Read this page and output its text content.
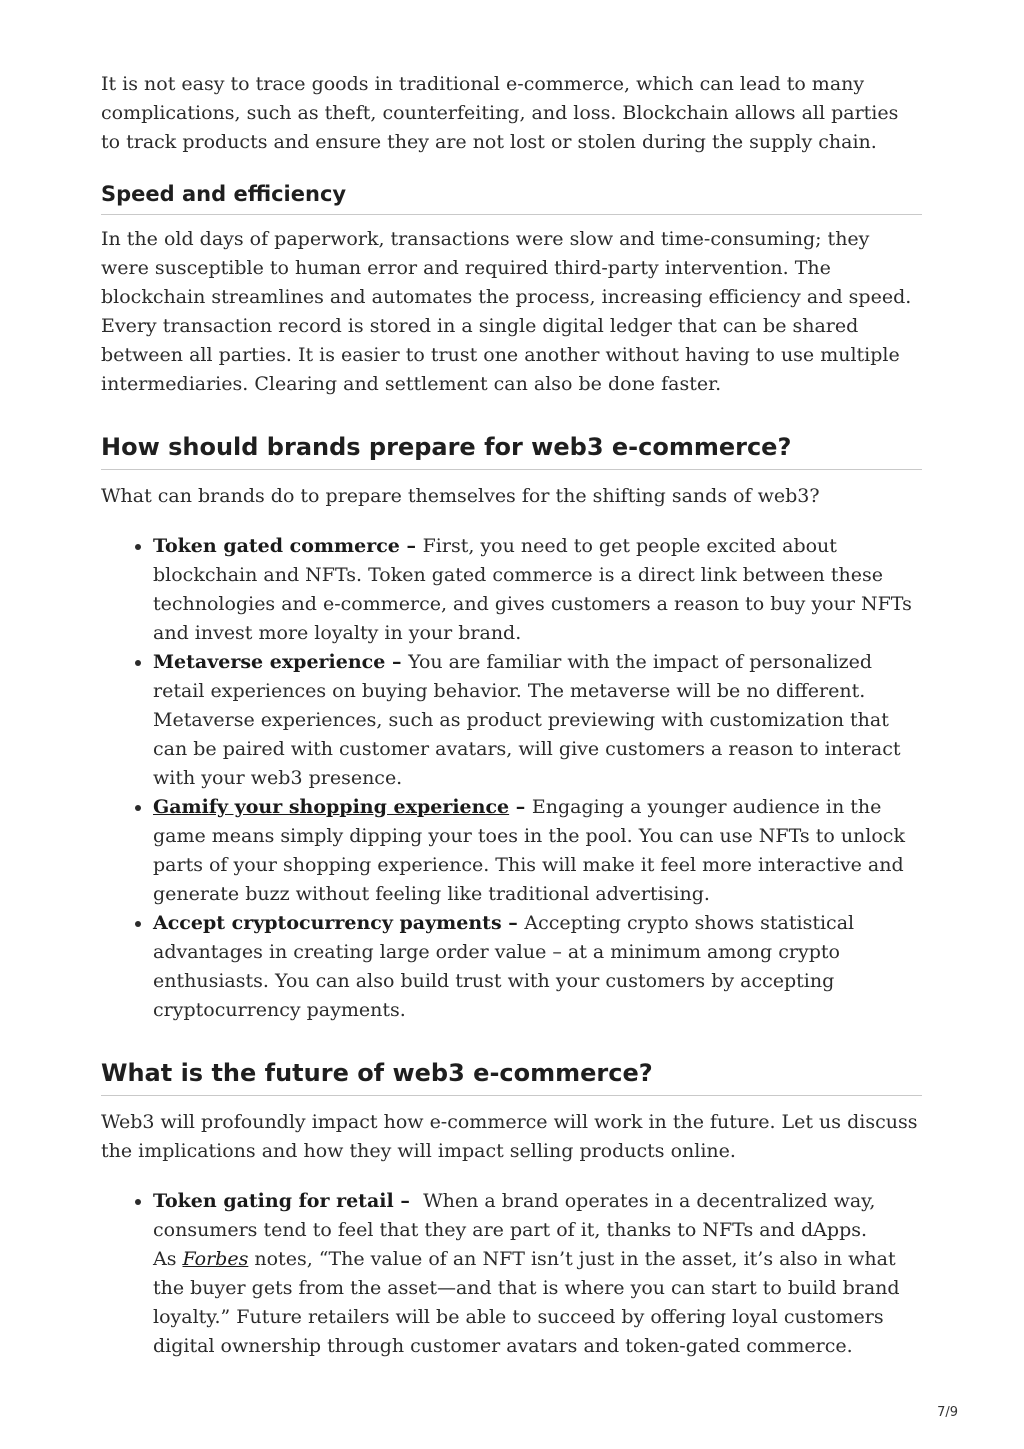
It is not easy to trace goods in traditional e-commerce, which can lead to many complications, such as theft, counterfeiting, and loss. Blockchain allows all parties to track products and ensure they are not lost or stolen during the supply chain.

Speed and efficiency

In the old days of paperwork, transactions were slow and time-consuming; they were susceptible to human error and required third-party intervention. The blockchain streamlines and automates the process, increasing efficiency and speed. Every transaction record is stored in a single digital ledger that can be shared between all parties. It is easier to trust one another without having to use multiple intermediaries. Clearing and settlement can also be done faster.

How should brands prepare for web3 e-commerce?

What can brands do to prepare themselves for the shifting sands of web3?

• Token gated commerce – First, you need to get people excited about blockchain and NFTs. Token gated commerce is a direct link between these technologies and e-commerce, and gives customers a reason to buy your NFTs and invest more loyalty in your brand.
• Metaverse experience – You are familiar with the impact of personalized retail experiences on buying behavior. The metaverse will be no different. Metaverse experiences, such as product previewing with customization that can be paired with customer avatars, will give customers a reason to interact with your web3 presence.
• Gamify your shopping experience – Engaging a younger audience in the game means simply dipping your toes in the pool. You can use NFTs to unlock parts of your shopping experience. This will make it feel more interactive and generate buzz without feeling like traditional advertising.
• Accept cryptocurrency payments – Accepting crypto shows statistical advantages in creating large order value – at a minimum among crypto enthusiasts. You can also build trust with your customers by accepting cryptocurrency payments.
What is the future of web3 e-commerce?

Web3 will profoundly impact how e-commerce will work in the future. Let us discuss the implications and how they will impact selling products online.

• Token gating for retail –  When a brand operates in a decentralized way, consumers tend to feel that they are part of it, thanks to NFTs and dApps.
As Forbes notes, “The value of an NFT isn’t just in the asset, it’s also in what the buyer gets from the asset—and that is where you can start to build brand loyalty.” Future retailers will be able to succeed by offering loyal customers digital ownership through customer avatars and token-gated commerce.
7/9
